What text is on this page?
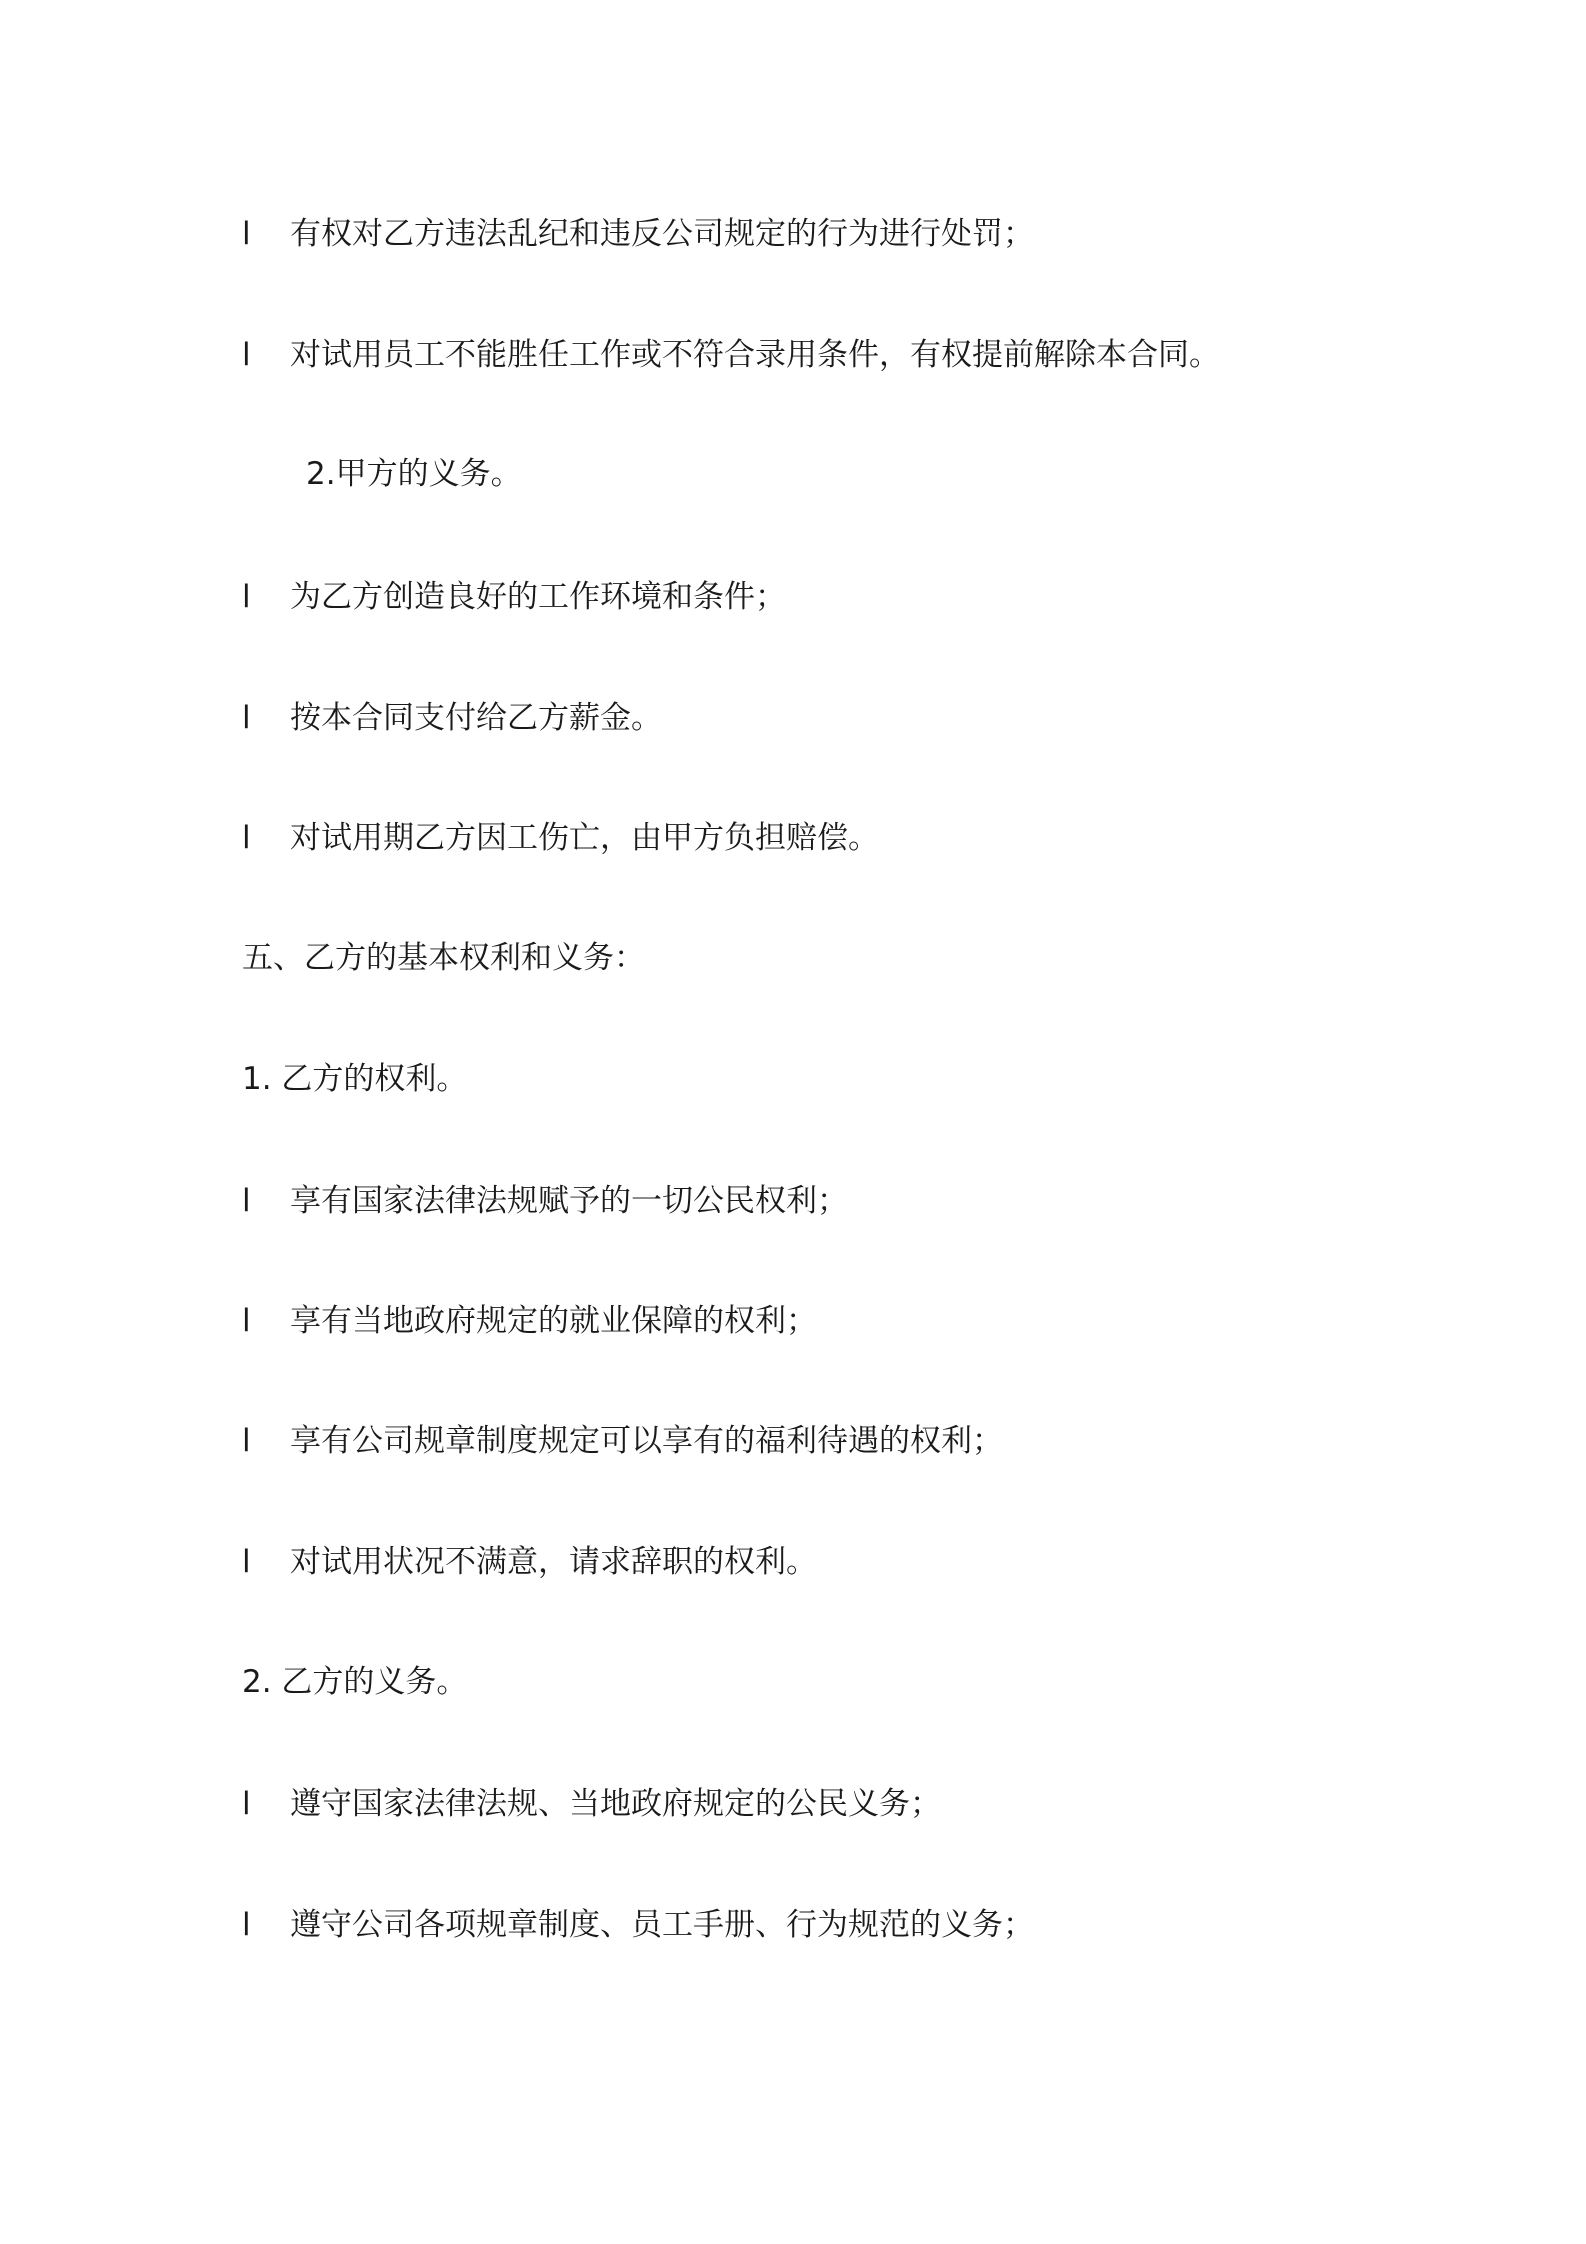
l 有权对乙方违法乱纪和违反公司规定的行为进行处罚；
l 对试用员工不能胜任工作或不符合录用条件，有权提前解除本合同。
2.甲方的义务。
l 为乙方创造良好的工作环境和条件；
l 按本合同支付给乙方薪金。
l 对试用期乙方因工伤亡，由甲方负担赔偿。
五、乙方的基本权利和义务：
1. 乙方的权利。
l 享有国家法律法规赋予的一切公民权利；
l 享有当地政府规定的就业保障的权利；
l 享有公司规章制度规定可以享有的福利待遇的权利；
l 对试用状况不满意，请求辞职的权利。
2. 乙方的义务。
l 遵守国家法律法规、当地政府规定的公民义务；
l 遵守公司各项规章制度、员工手册、行为规范的义务；
